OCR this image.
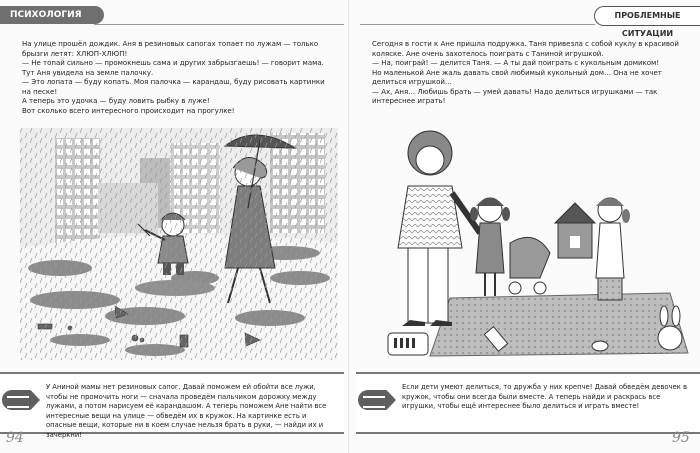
ПСИХОЛОГИЯ

На улице прошёл дождик. Аня в резиновых сапогах топает по лужам — только брызги летят: ХЛЮП-ХЛЮП!

— Не топай сильно — промокнешь сама и других забрызгаешь! — говорит мама.

Тут Аня увидела на земле палочку.

— Это лопата — буду копать. Моя палочка — карандаш, буду рисовать картинки на песке!

А теперь это удочка — буду ловить рыбку в луже!

Вот сколько всего интересного происходит на прогулке!

У Аниной мамы нет резиновых сапог. Давай поможем ей обойти все лужи, чтобы не промочить ноги — сначала проведём пальчиком дорожку между лужами, а потом нарисуем её карандашом. А теперь поможем Ане найти все интересные вещи на улице — обведём их в кружок. На картинке есть и опасные вещи, которые ни в коем случае нельзя брать в руки, — найди их и зачеркни!
94
ПРОБЛЕМНЫЕ СИТУАЦИИ

Сегодня в гости к Ане пришла подружка. Таня привезла с собой куклу в красивой коляске. Ане очень захотелось поиграть с Таниной игрушкой.

— На, поиграй! — делится Таня. — А ты дай поиграть с кукольным домиком!

Но маленькой Ане жаль давать свой любимый кукольный дом… Она не хочет делиться игрушкой…

— Ах, Аня… Любишь брать — умей давать! Надо делиться игрушками — так интереснее играть!

Если дети умеют делиться, то дружба у них крепче! Давай обведём девочек в кружок, чтобы они всегда были вместе. А теперь найди и раскрась все игрушки, чтобы ещё интереснее было делиться и играть вместе!
95
